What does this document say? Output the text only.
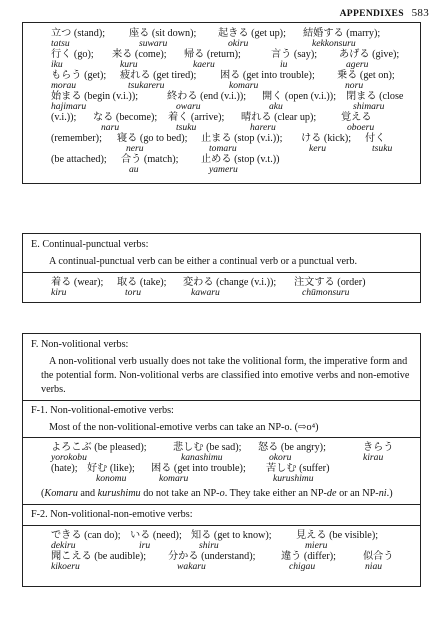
APPENDIXES 583
立つ (stand); 座る (sit down); 起きる (get up); 結婚する (marry);
tatsu	suwaru	okiru	kekkonsuru
行く (go); 来る (come); 帰る (return);	言う (say); あげる (give);
iku	kuru	kaeru	iu	ageru
もらう (get); 疲れる (get tired); 困る (get into trouble); 乗る (get on);
morau	tsukareru	komaru	noru
始まる (begin (v.i.));	終わる (end (v.i.)); 開く (open (v.i.)); 閉まる (close
hajimaru	owaru	aku	shimaru
(v.i.)); なる (become); 着く (arrive); 晴れる (clear up); 覚える
naru	tsuku	hareru	oboeru
(remember); 寝る (go to bed); 止まる (stop (v.i.)); ける (kick); 付く
neru	tomaru	keru	tsuku
(be attached); 合う (match); 止める (stop (v.t.))
au	yameru
E. Continual-punctual verbs:
A continual-punctual verb can be either a continual verb or a punctual verb.
着る (wear); 取る (take); 変わる (change (v.i.)); 注文する (order)
kiru	toru	kawaru	chūmonsuru
F. Non-volitional verbs:
A non-volitional verb usually does not take the volitional form, the imperative form and the potential form. Non-volitional verbs are classified into emotive verbs and non-emotive verbs.
F-1. Non-volitional-emotive verbs:
Most of the non-volitional-emotive verbs can take an NP-o. (⇨o⁴)
よろこぶ (be pleased);	悲しむ (be sad); 怒る (be angry);	きらう
yorokobu	kanashimu	okoru	kirau
(hate); 好む (like); 困る (get into trouble); 苦しむ (suffer)
konomu	komaru	kurushimu
(Komaru and kurushimu do not take an NP-o. They take either an NP-de or an NP-ni.)
F-2. Non-volitional-non-emotive verbs:
できる (can do); いる (need); 知る (get to know); 見える (be visible);
dekiru	iru	shiru	mieru
聞こえる (be audible); 分かる (understand);	違う (differ);	似合う
kikoeru	wakaru	chigau	niau
